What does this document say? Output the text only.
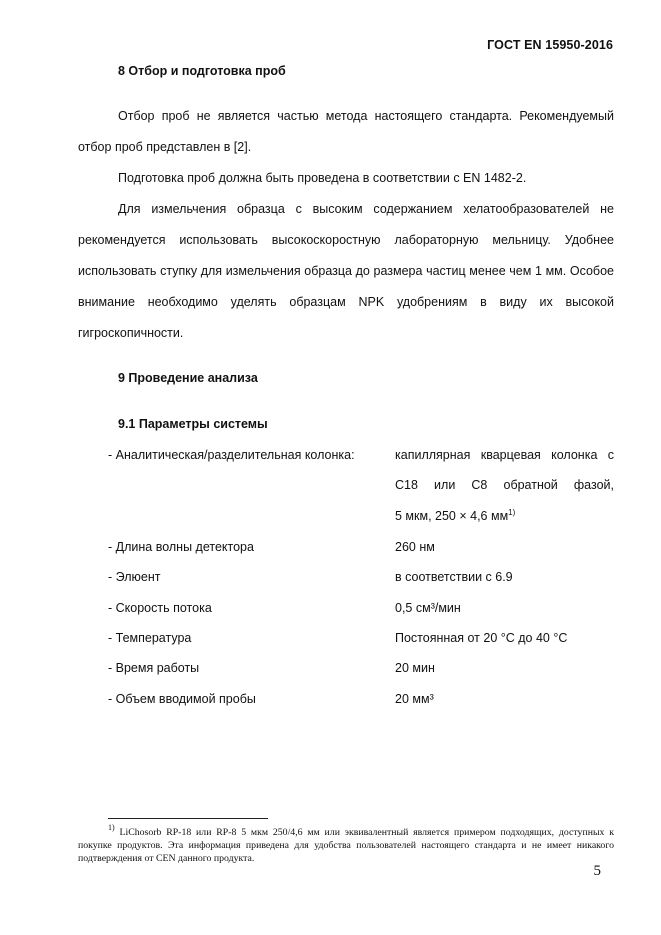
ГОСТ EN 15950-2016
8 Отбор и подготовка проб

Отбор проб не является частью метода настоящего стандарта. Рекомендуемый отбор проб представлен в [2].

Подготовка проб должна быть проведена в соответствии с EN 1482-2.

Для измельчения образца с высоким содержанием хелатообразователей не рекомендуется использовать высокоскоростную лабораторную мельницу. Удобнее использовать ступку для измельчения образца до размера частиц менее чем 1 мм. Особое внимание необходимо уделять образцам NPK удобрениям в виду их высокой гигроскопичности.

9 Проведение анализа
9.1 Параметры системы
- Аналитическая/разделительная колонка:	капиллярная кварцевая колонка с
С18 или С8 обратной фазой,
5 мкм, 250 × 4,6 $мм^{1)}$
- Длина волны детектора	260 нм
- Элюент	в соответствии с 6.9
- Скорость потока	0,5 см³/мин
- Температура	Постоянная от 20 °С до 40 °С
- Время работы	20 мин
- Объем вводимой пробы	20 мм³
$^{1)}$ LiChosorb RP-18 или RP-8 5 мкм 250/4,6 мм или эквивалентный является примером подходящих, доступных к покупке продуктов. Эта информация приведена для удобства пользователей настоящего стандарта и не имеет никакого подтверждения от CEN данного продукта.
5
